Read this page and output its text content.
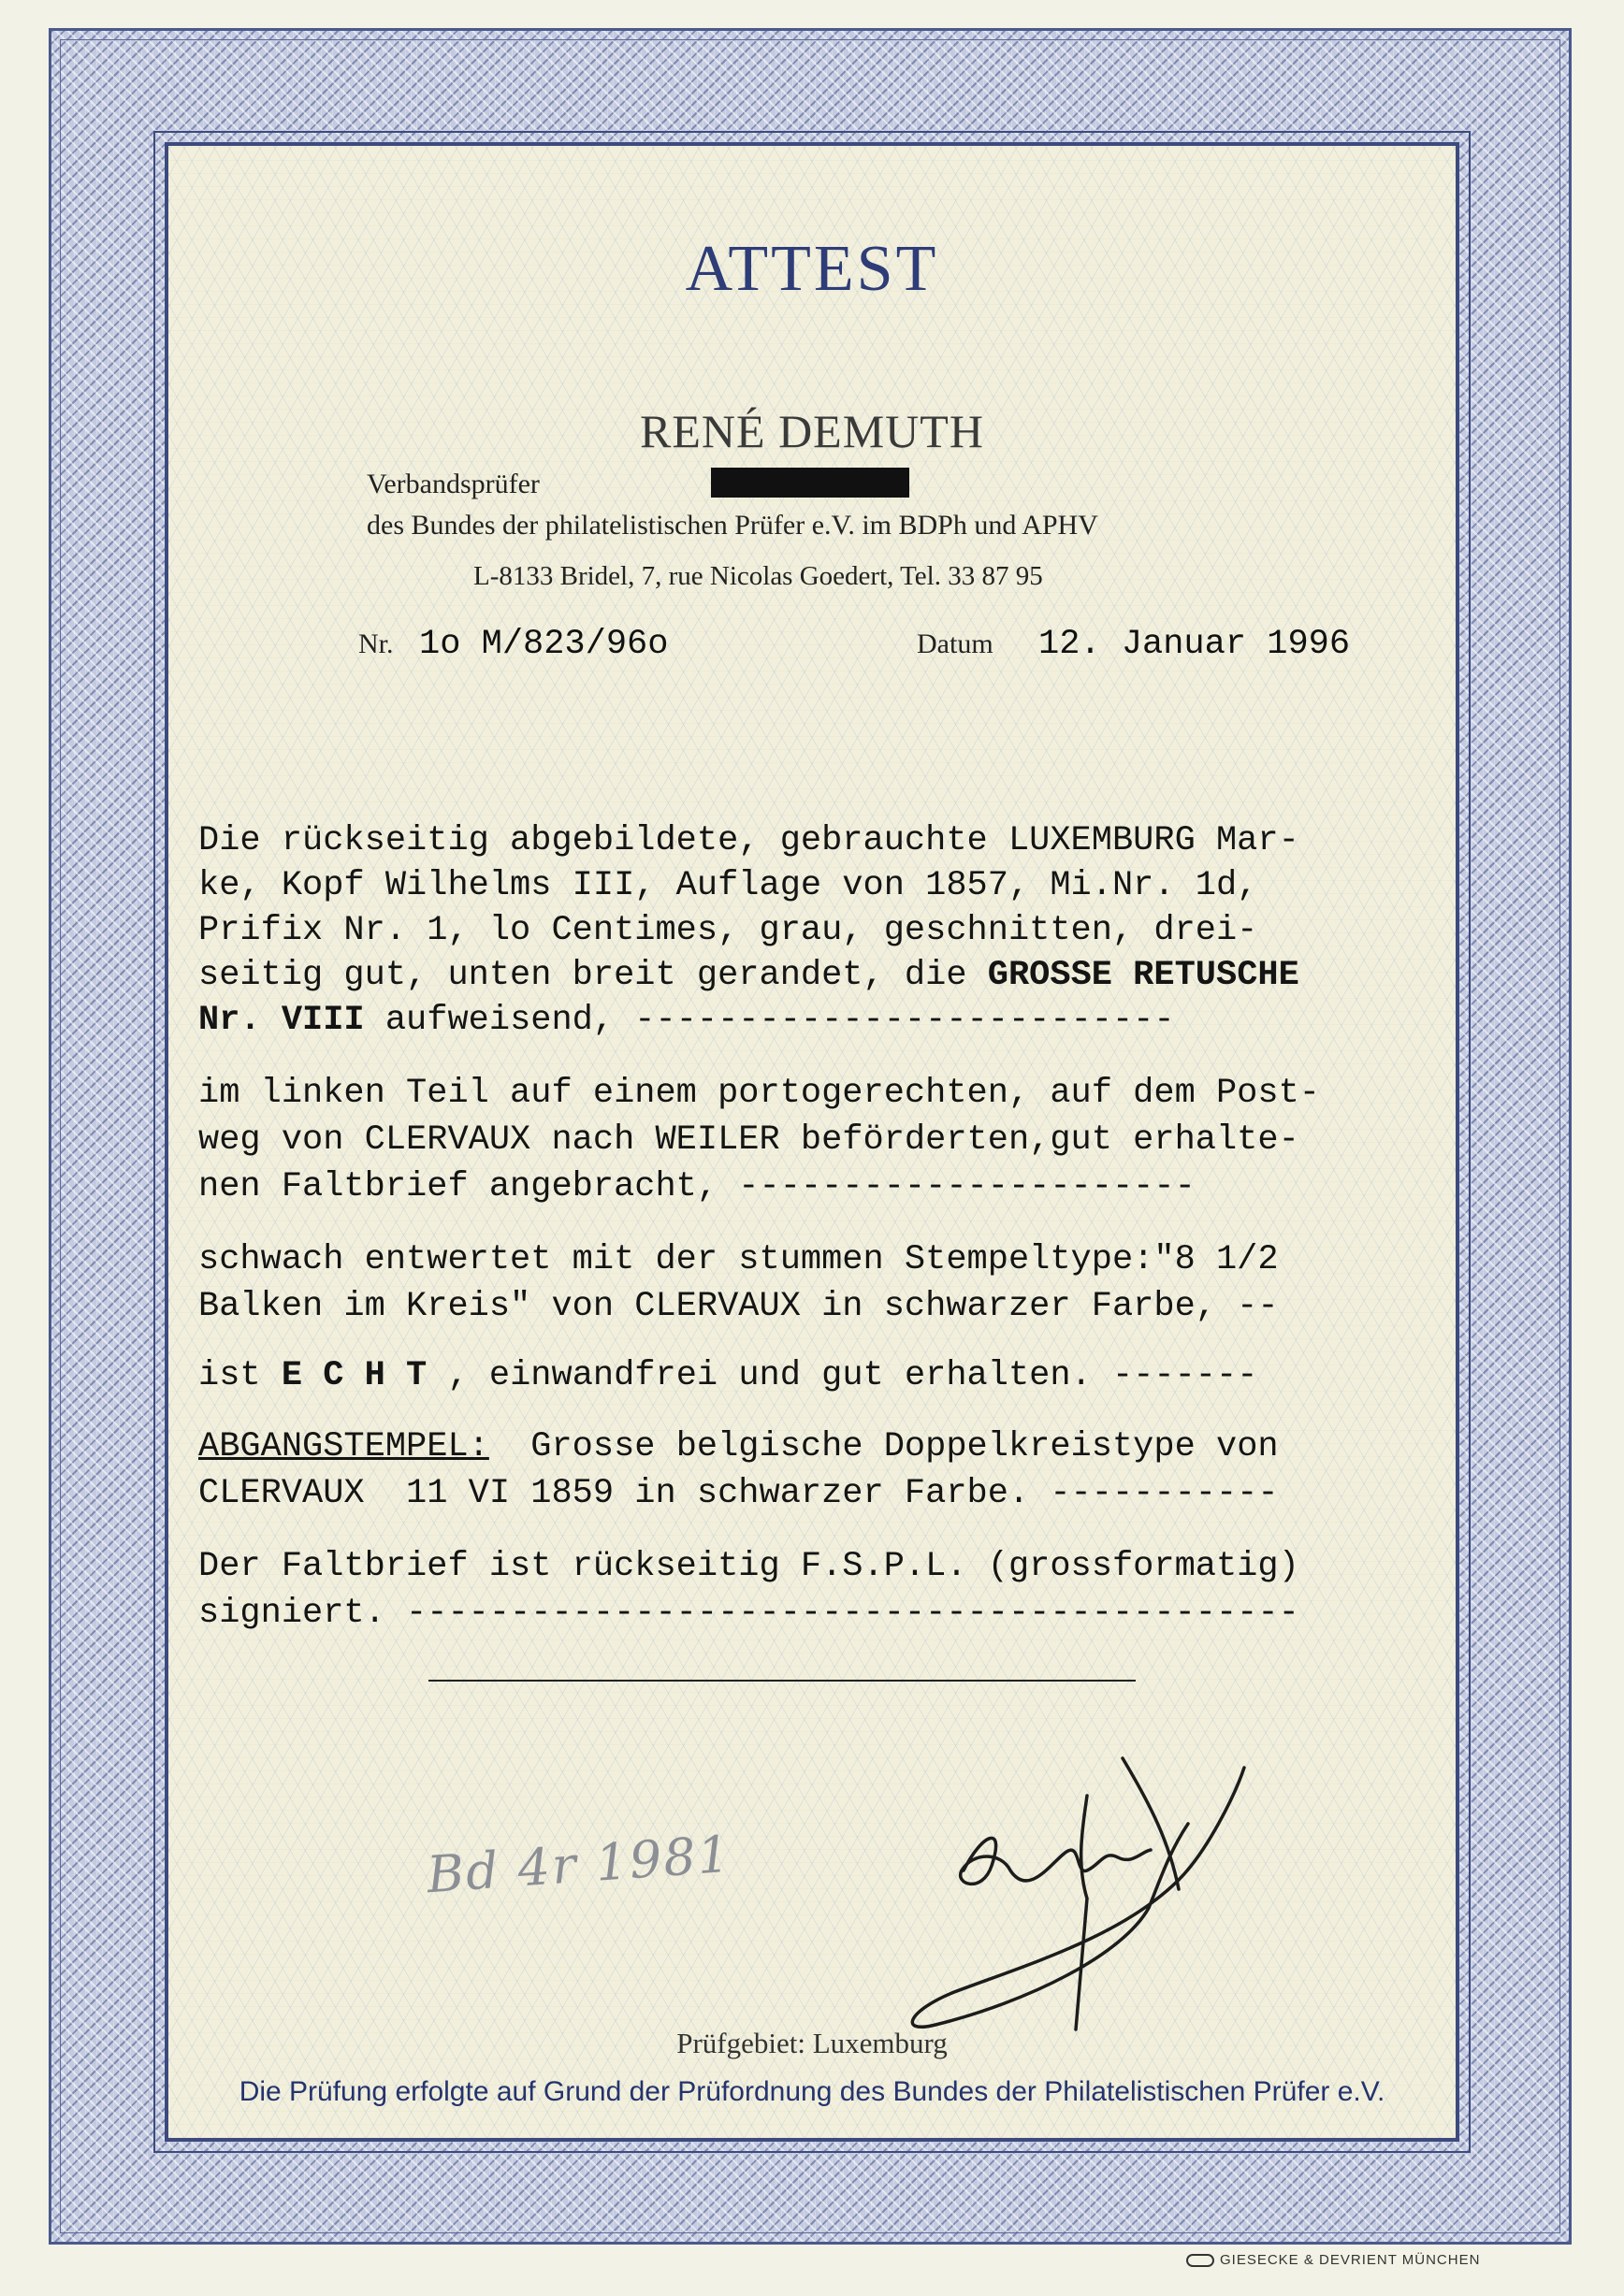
ATTEST
RENÉ DEMUTH
Verbandsprüfer
des Bundes der philatelistischen Prüfer e.V. im BDPh und APHV
L-8133 Bridel, 7, rue Nicolas Goedert, Tel. 33 87 95
Nr. 1o M/823/96o	Datum 12. Januar 1996
Die rückseitig abgebildete, gebrauchte LUXEMBURG Mar-
ke, Kopf Wilhelms III, Auflage von 1857, Mi.Nr. 1d,
Prifix Nr. 1, lo Centimes, grau, geschnitten, drei-
seitig gut, unten breit gerandet, die GROSSE RETUSCHE
Nr. VIII aufweisend, --------------------------
im linken Teil auf einem portogerechten, auf dem Post-
weg von CLERVAUX nach WEILER beförderten,gut erhalte-
nen Faltbrief angebracht, ----------------------
schwach entwertet mit der stummen Stempeltype:"8 1/2
Balken im Kreis" von CLERVAUX in schwarzer Farbe, --
ist E C H T , einwandfrei und gut erhalten. -------
ABGANGSTEMPEL:  Grosse belgische Doppelkreistype von
CLERVAUX  11 VI 1859 in schwarzer Farbe. -----------
Der Faltbrief ist rückseitig F.S.P.L. (grossformatig)
signiert. -------------------------------------------
Bd 4r 1981
Prüfgebiet: Luxemburg
Die Prüfung erfolgte auf Grund der Prüfordnung des Bundes der Philatelistischen Prüfer e.V.
GIESECKE & DEVRIENT MÜNCHEN
